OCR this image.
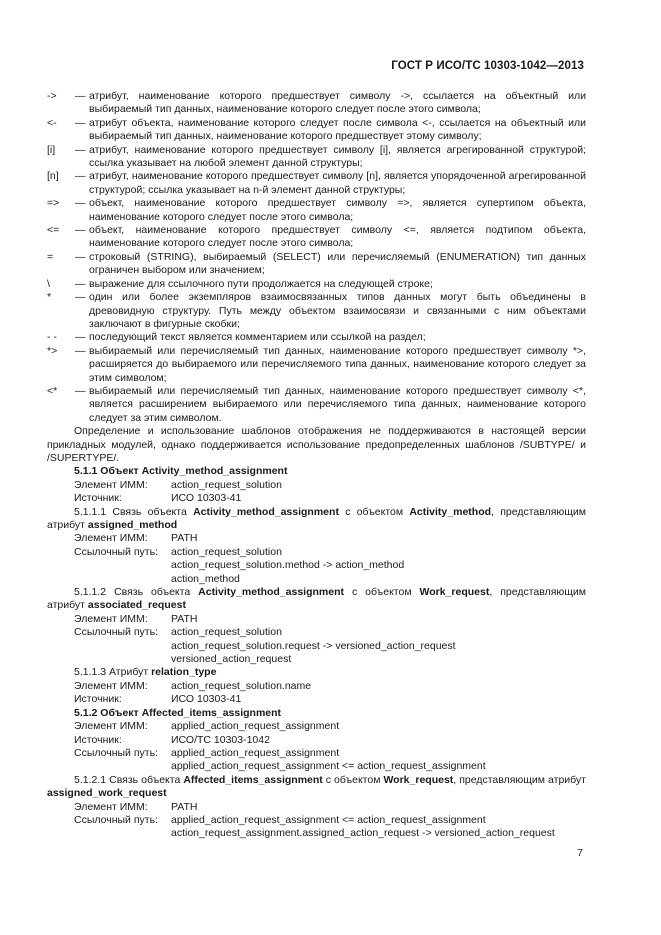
ГОСТ Р ИСО/ТС 10303-1042—2013
->	— атрибут, наименование которого предшествует символу ->, ссылается на объектный или выбираемый тип данных, наименование которого следует после этого символа;
<-	— атрибут объекта, наименование которого следует после символа <-, ссылается на объектный или выбираемый тип данных, наименование которого предшествует этому символу;
[i]	— атрибут, наименование которого предшествует символу [i], является агрегированной структурой; ссылка указывает на любой элемент данной структуры;
[n]	— атрибут, наименование которого предшествует символу [n], является упорядоченной агрегированной структурой; ссылка указывает на n-й элемент данной структуры;
=>	— объект, наименование которого предшествует символу =>, является супертипом объекта, наименование которого следует после этого символа;
<=	— объект, наименование которого предшествует символу <=, является подтипом объекта, наименование которого следует после этого символа;
=	— строковый (STRING), выбираемый (SELECT) или перечисляемый (ENUMERATION) тип данных ограничен выбором или значением;
\	— выражение для ссылочного пути продолжается на следующей строке;
*	— один или более экземпляров взаимосвязанных типов данных могут быть объединены в древовидную структуру. Путь между объектом взаимосвязи и связанными с ним объектами заключают в фигурные скобки;
- -	— последующий текст является комментарием или ссылкой на раздел;
*>	— выбираемый или перечисляемый тип данных, наименование которого предшествует символу *>, расширяется до выбираемого или перечисляемого типа данных, наименование которого следует за этим символом;
<*	— выбираемый или перечисляемый тип данных, наименование которого предшествует символу <*, является расширением выбираемого или перечисляемого типа данных, наименование которого следует за этим символом.

Определение и использование шаблонов отображения не поддерживаются в настоящей версии прикладных модулей, однако поддерживается использование предопределенных шаблонов /SUBTYPE/ и /SUPERTYPE/.

5.1.1 Объект Activity_method_assignment
Элемент ИММ:	action_request_solution
Источник:	ИСО 10303-41

5.1.1.1 Связь объекта Activity_method_assignment с объектом Activity_method, представляющим атрибут assigned_method

Элемент ИММ:	PATH
Ссылочный путь:	action_request_solution
action_request_solution.method -> action_method
action_method

5.1.1.2 Связь объекта Activity_method_assignment с объектом Work_request, представляющим атрибут associated_request

Элемент ИММ:	PATH
Ссылочный путь:	action_request_solution
action_request_solution.request -> versioned_action_request
versioned_action_request
5.1.1.3 Атрибут relation_type
Элемент ИММ:	action_request_solution.name
Источник:	ИСО 10303-41
5.1.2 Объект Affected_items_assignment
Элемент ИММ:	applied_action_request_assignment
Источник:	ИСО/ТС 10303-1042
Ссылочный путь:	applied_action_request_assignment
applied_action_request_assignment <= action_request_assignment

5.1.2.1 Связь объекта Affected_items_assignment с объектом Work_request, представляющим атрибут assigned_work_request

Элемент ИММ:	PATH
Ссылочный путь:	applied_action_request_assignment <= action_request_assignment
action_request_assignment.assigned_action_request -> versioned_action_request
7
